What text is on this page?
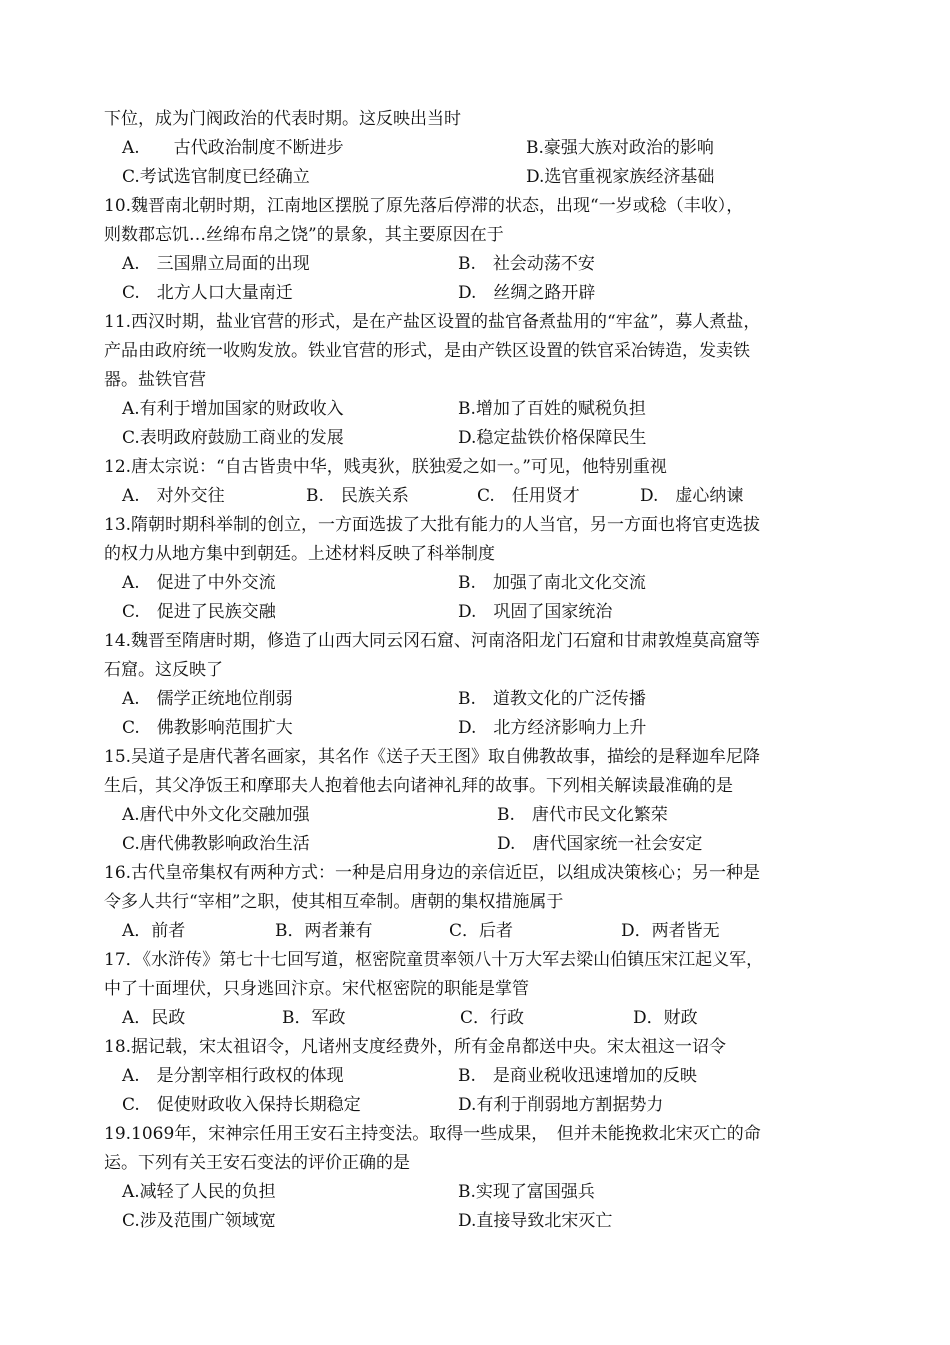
下位，成为门阀政治的代表时期。这反映出当时
A.　　古代政治制度不断进步	B.豪强大族对政治的影响
C.考试选官制度已经确立	D.选官重视家族经济基础
10.魏晋南北朝时期，江南地区摆脱了原先落后停滞的状态，出现“一岁或稔（丰收），
则数郡忘饥…丝绵布帛之饶”的景象，其主要原因在于
A.　三国鼎立局面的出现	B.　社会动荡不安
C.　北方人口大量南迁	D.　丝绸之路开辟
11.西汉时期，盐业官营的形式，是在产盐区设置的盐官备煮盐用的“牢盆”，募人煮盐，
产品由政府统一收购发放。铁业官营的形式，是由产铁区设置的铁官采冶铸造，发卖铁
器。盐铁官营
A.有利于增加国家的财政收入	B.增加了百姓的赋税负担
C.表明政府鼓励工商业的发展	D.稳定盐铁价格保障民生
12.唐太宗说：“自古皆贵中华，贱夷狄，朕独爱之如一。”可见，他特别重视
A.　对外交往	B.　民族关系	C.　任用贤才	D.　虚心纳谏
13.隋朝时期科举制的创立，一方面选拔了大批有能力的人当官，另一方面也将官吏选拔
的权力从地方集中到朝廷。上述材料反映了科举制度
A.　促进了中外交流	B.　加强了南北文化交流
C.　促进了民族交融	D.　巩固了国家统治
14.魏晋至隋唐时期，修造了山西大同云冈石窟、河南洛阳龙门石窟和甘肃敦煌莫高窟等
石窟。这反映了
A.　儒学正统地位削弱	B.　道教文化的广泛传播
C.　佛教影响范围扩大	D.　北方经济影响力上升
15.吴道子是唐代著名画家，其名作《送子天王图》取自佛教故事，描绘的是释迦牟尼降
生后，其父净饭王和摩耶夫人抱着他去向诸神礼拜的故事。下列相关解读最准确的是
A.唐代中外文化交融加强	B.　唐代市民文化繁荣
C.唐代佛教影响政治生活	D.　唐代国家统一社会安定
16.古代皇帝集权有两种方式：一种是启用身边的亲信近臣，以组成决策核心；另一种是
令多人共行“宰相”之职，使其相互牵制。唐朝的集权措施属于
A．前者	B．两者兼有	C．后者	D．两者皆无
17．《水浒传》第七十七回写道，枢密院童贯率领八十万大军去梁山伯镇压宋江起义军，
中了十面埋伏，只身逃回汴京。宋代枢密院的职能是掌管
A．民政	B．军政	C．行政	D．财政
18.据记载，宋太祖诏令，凡诸州支度经费外，所有金帛都送中央。宋太祖这一诏令
A.　是分割宰相行政权的体现	B.　是商业税收迅速增加的反映
C.　促使财政收入保持长期稳定	D.有利于削弱地方割据势力
19.1069年，宋神宗任用王安石主持变法。取得一些成果，　但并未能挽救北宋灭亡的命
运。下列有关王安石变法的评价正确的是
A.减轻了人民的负担	B.实现了富国强兵
C.涉及范围广领域宽	D.直接导致北宋灭亡
